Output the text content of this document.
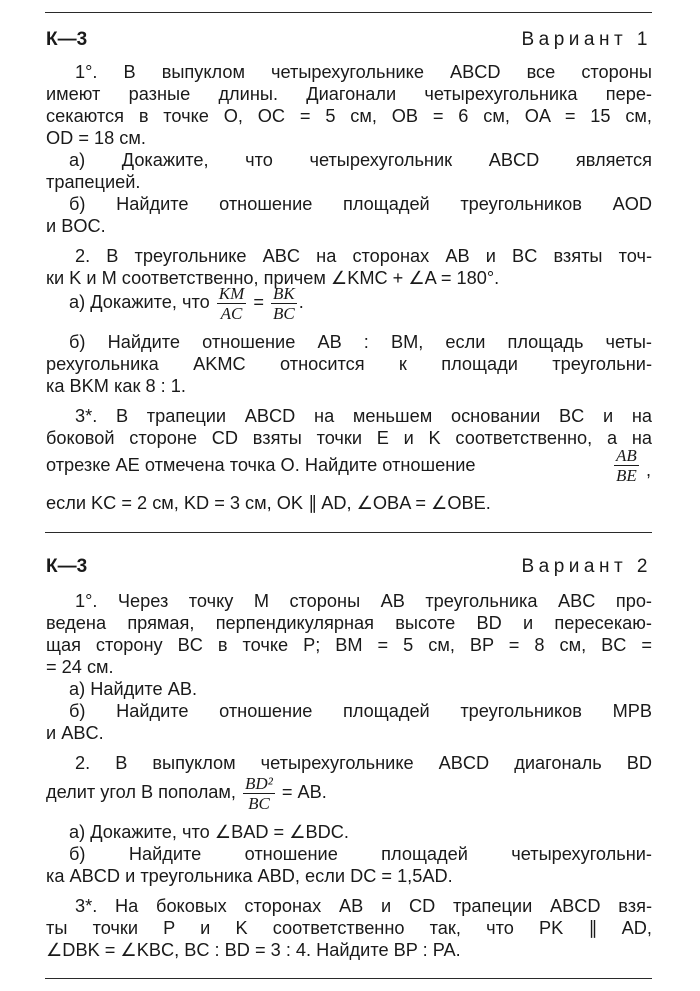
К—3	Вариант 1
1°. В выпуклом четырехугольнике ABCD все стороны
имеют разные длины. Диагонали четырехугольника пере-
секаются в точке O, OC = 5 см, OB = 6 см, OA = 15 см,
OD = 18 см.
а) Докажите, что четырехугольник ABCD является
трапецией.
б) Найдите отношение площадей треугольников AOD
и BOC.
2. В треугольнике ABC на сторонах AB и BC взяты точ-
ки K и M соответственно, причем ∠KMC + ∠A = 180°.
а) Докажите, что $\frac{KM}{AC} = \frac{BK}{BC}$ .
б) Найдите отношение AB : BM, если площадь четы-
рехугольника AKMC относится к площади треугольни-
ка BKM как 8 : 1.
3*. В трапеции ABCD на меньшем основании BC и на
боковой стороне CD взяты точки E и K соответственно, а на
отрезке AE отмечена точка O. Найдите отношение	$\frac{AB}{BE}$ ,
если KC = 2 см, KD = 3 см, OK ∥ AD, ∠OBA = ∠OBE.
К—3	Вариант 2
1°. Через точку M стороны AB треугольника ABC про-
ведена прямая, перпендикулярная высоте BD и пересекаю-
щая сторону BC в точке P; BM = 5 см, BP = 8 см, BC =
= 24 см.
а) Найдите AB.
б) Найдите отношение площадей треугольников MPB
и ABC.
2. В выпуклом четырехугольнике ABCD диагональ BD
делит угол B пополам, $\frac{\text{BD²}}{BC}$ = AB.
а) Докажите, что ∠BAD = ∠BDC.
б) Найдите отношение площадей четырехугольни-
ка ABCD и треугольника ABD, если DC = 1,5AD.
3*. На боковых сторонах AB и CD трапеции ABCD взя-
ты точки P и K соответственно так, что PK ∥ AD,
∠DBK = ∠KBC, BC : BD = 3 : 4. Найдите BP : PA.
